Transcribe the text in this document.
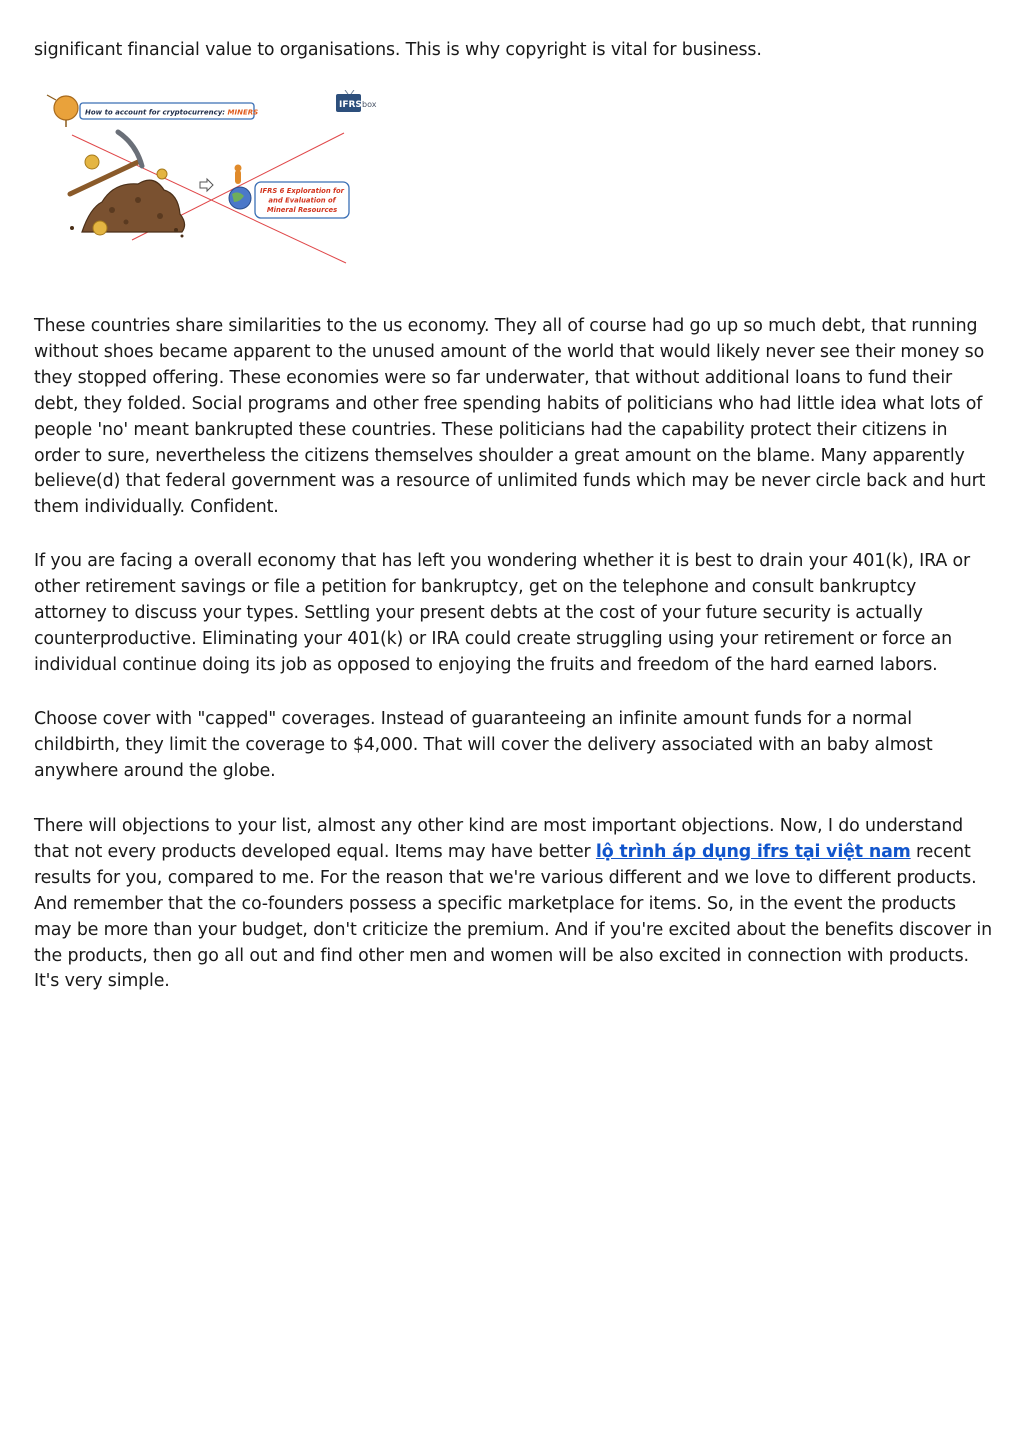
significant financial value to organisations. This is why copyright is vital for business.

These countries share similarities to the us economy. They all of course had go up so much debt, that running without shoes became apparent to the unused amount of the world that would likely never see their money so they stopped offering. These economies were so far underwater, that without additional loans to fund their debt, they folded. Social programs and other free spending habits of politicians who had little idea what lots of people 'no' meant bankrupted these countries. These politicians had the capability protect their citizens in order to sure, nevertheless the citizens themselves shoulder a great amount on the blame. Many apparently believe(d) that federal government was a resource of unlimited funds which may be never circle back and hurt them individually. Confident.

If you are facing a overall economy that has left you wondering whether it is best to drain your 401(k), IRA or other retirement savings or file a petition for bankruptcy, get on the telephone and consult bankruptcy attorney to discuss your types. Settling your present debts at the cost of your future security is actually counterproductive. Eliminating your 401(k) or IRA could create struggling using your retirement or force an individual continue doing its job as opposed to enjoying the fruits and freedom of the hard earned labors.

Choose cover with "capped" coverages. Instead of guaranteeing an infinite amount funds for a normal childbirth, they limit the coverage to $4,000. That will cover the delivery associated with an baby almost anywhere around the globe.

There will objections to your list, almost any other kind are most important objections. Now, I do understand that not every products developed equal. Items may have better lộ trình áp dụng ifrs tại việt nam recent results for you, compared to me. For the reason that we're various different and we love to different products. And remember that the co-founders possess a specific marketplace for items. So, in the event the products may be more than your budget, don't criticize the premium. And if you're excited about the benefits discover in the products, then go all out and find other men and women will be also excited in connection with products. It's very simple.

How to account for cryptocurrency: MINERS
IFRS box
IFRS 6 Exploration for
and Evaluation of
Mineral Resources
